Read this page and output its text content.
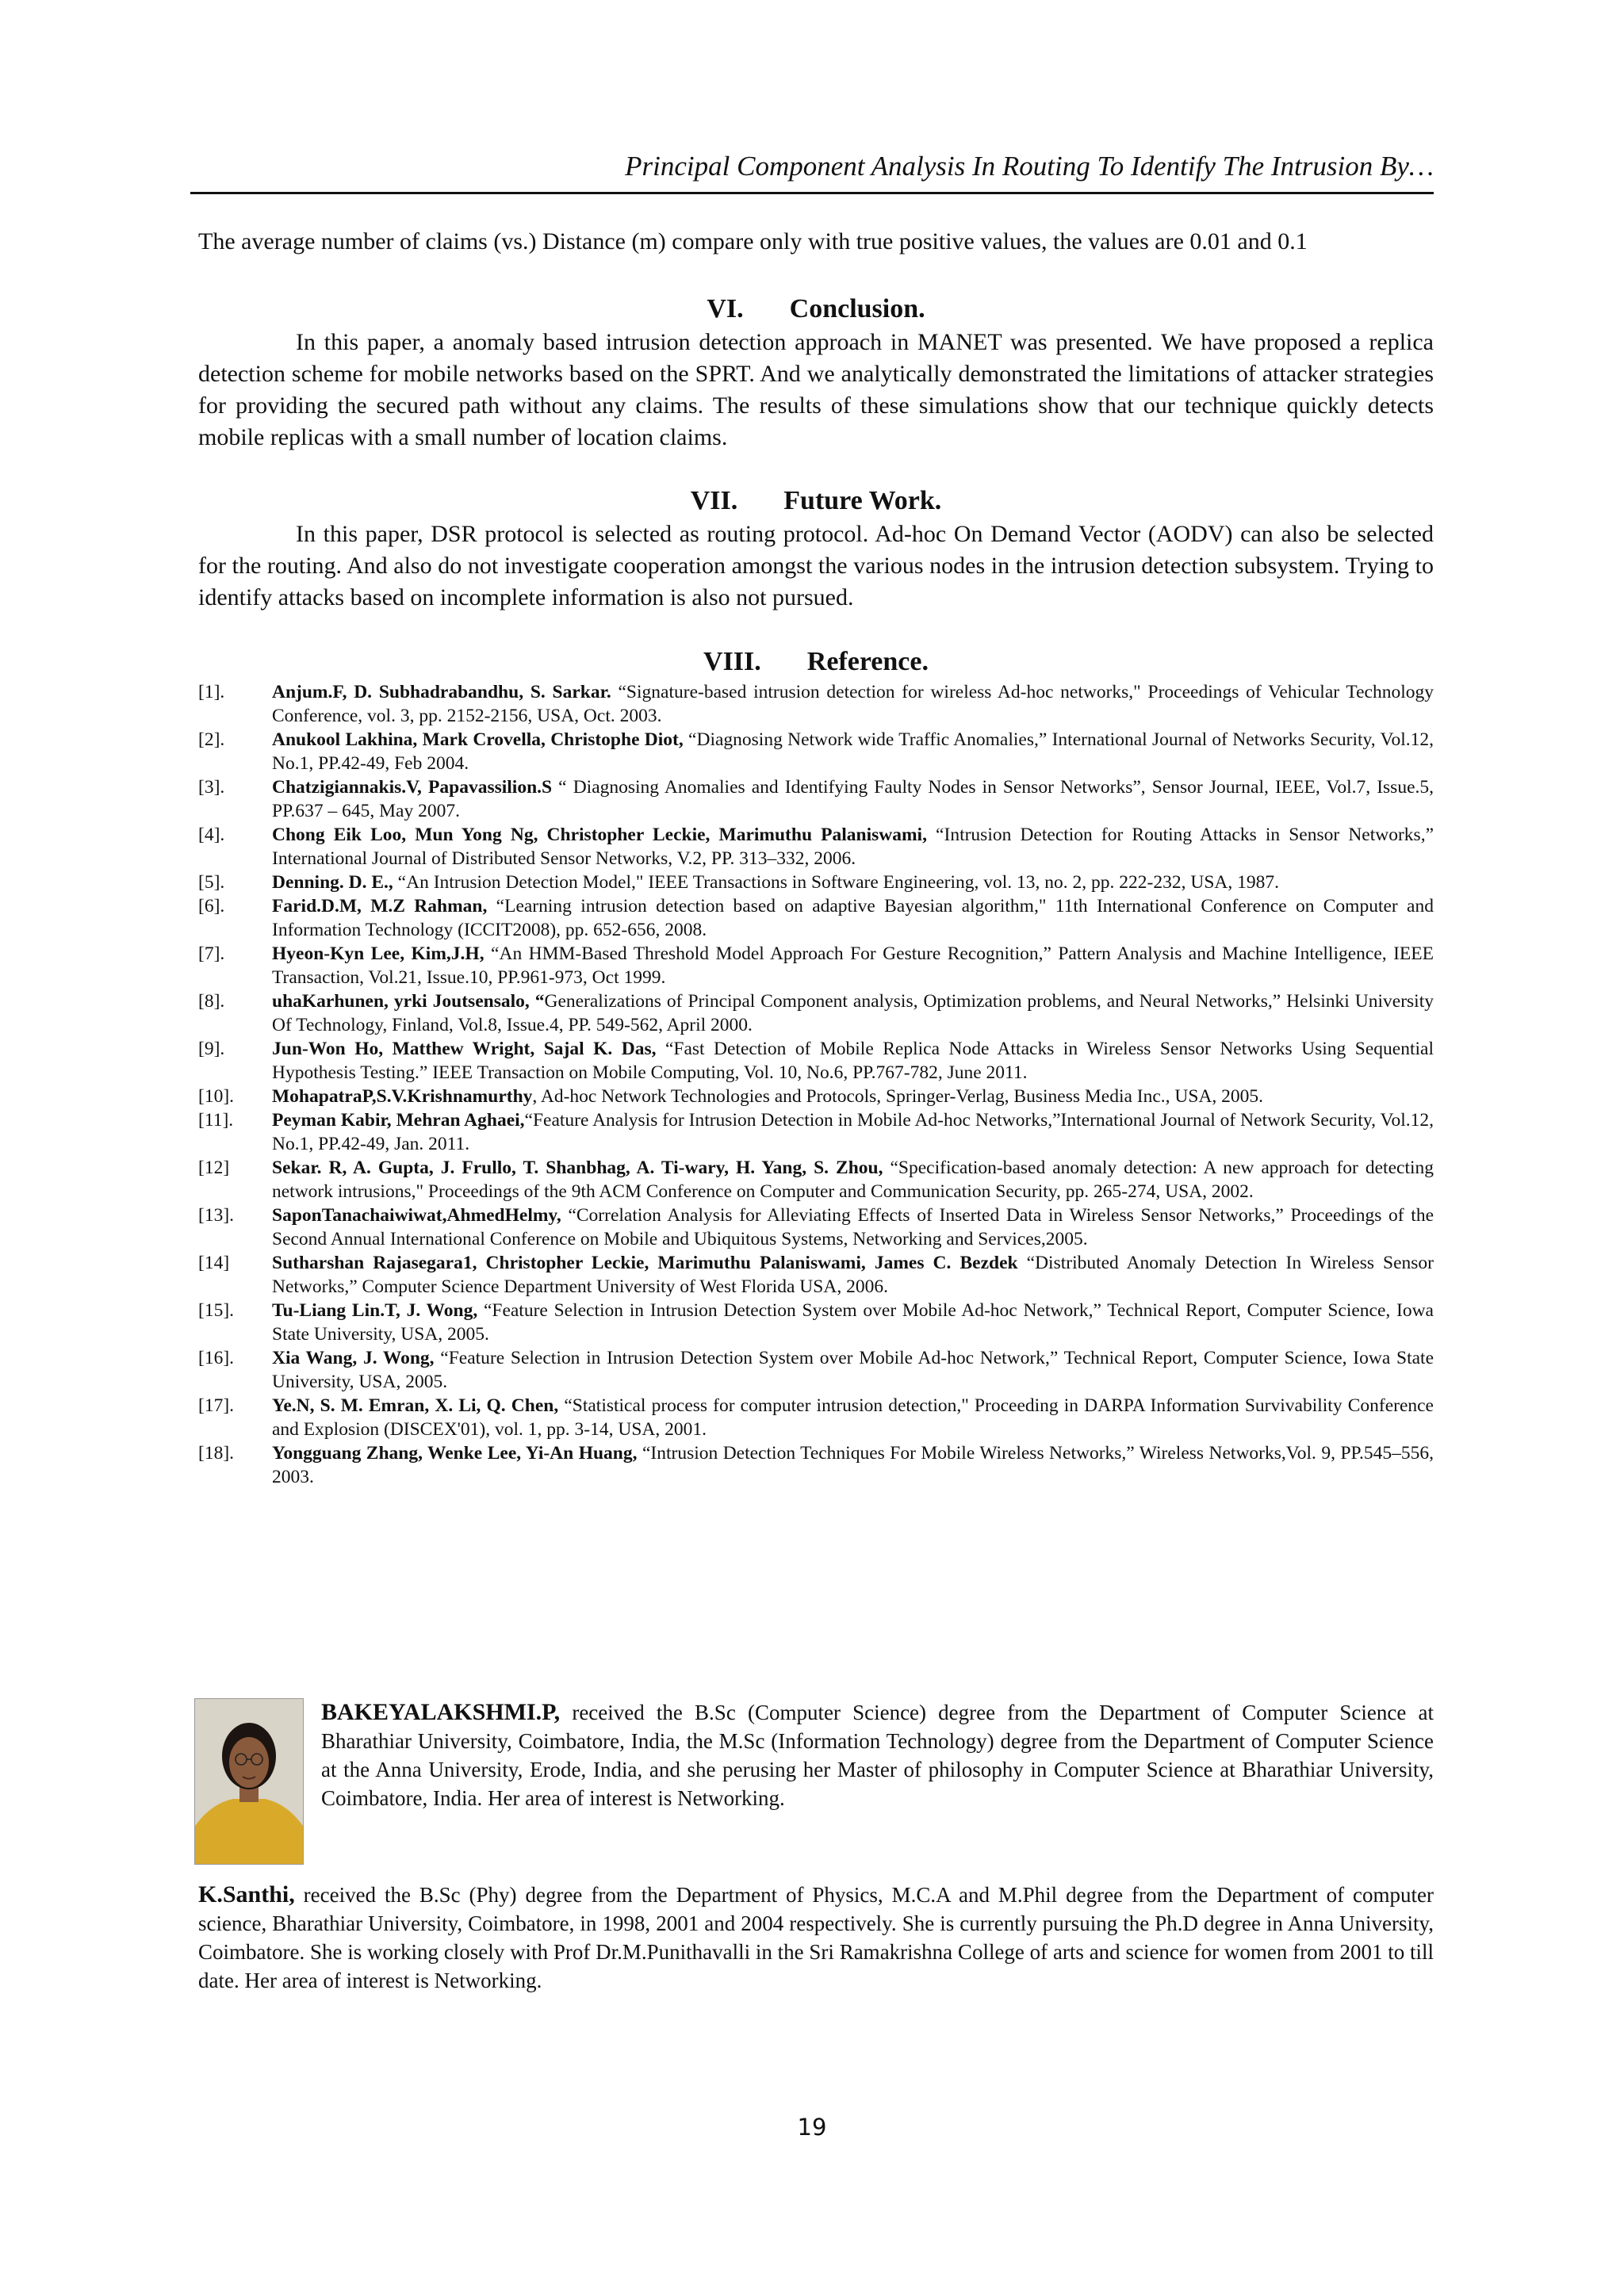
Principal Component Analysis In Routing To Identify The Intrusion By…
The average number of claims (vs.) Distance (m) compare only with true positive values, the values are 0.01 and 0.1
VI. Conclusion.
In this paper, a anomaly based intrusion detection approach in MANET was presented. We have proposed a replica detection scheme for mobile networks based on the SPRT. And we analytically demonstrated the limitations of attacker strategies for providing the secured path without any claims. The results of these simulations show that our technique quickly detects mobile replicas with a small number of location claims.
VII. Future Work.
In this paper, DSR protocol is selected as routing protocol. Ad-hoc On Demand Vector (AODV) can also be selected for the routing. And also do not investigate cooperation amongst the various nodes in the intrusion detection subsystem. Trying to identify attacks based on incomplete information is also not pursued.
VIII. Reference.
[1].	Anjum.F, D. Subhadrabandhu, S. Sarkar. “Signature-based intrusion detection for wireless Ad-hoc networks," Proceedings of Vehicular Technology Conference, vol. 3, pp. 2152-2156, USA, Oct. 2003.
[2].	Anukool Lakhina, Mark Crovella, Christophe Diot, “Diagnosing Network wide Traffic Anomalies,” International Journal of Networks Security, Vol.12, No.1, PP.42-49, Feb 2004.
[3].	Chatzigiannakis.V, Papavassilion.S “ Diagnosing Anomalies and Identifying Faulty Nodes in Sensor Networks”, Sensor Journal, IEEE, Vol.7, Issue.5, PP.637 – 645, May 2007.
[4].	Chong Eik Loo, Mun Yong Ng, Christopher Leckie, Marimuthu Palaniswami, “Intrusion Detection for Routing Attacks in Sensor Networks,” International Journal of Distributed Sensor Networks, V.2, PP. 313–332, 2006.
[5].	Denning. D. E., “An Intrusion Detection Model," IEEE Transactions in Software Engineering, vol. 13, no. 2, pp. 222-232, USA, 1987.
[6].	Farid.D.M, M.Z Rahman, “Learning intrusion detection based on adaptive Bayesian algorithm," 11th International Conference on Computer and Information Technology (ICCIT2008), pp. 652-656, 2008.
[7].	Hyeon-Kyn Lee, Kim,J.H, “An HMM-Based Threshold Model Approach For Gesture Recognition,” Pattern Analysis and Machine Intelligence, IEEE Transaction, Vol.21, Issue.10, PP.961-973, Oct 1999.
[8].	uhaKarhunen, yrki Joutsensalo, “Generalizations of Principal Component analysis, Optimization problems, and Neural Networks,” Helsinki University Of Technology, Finland, Vol.8, Issue.4, PP. 549-562, April 2000.
[9].	Jun-Won Ho, Matthew Wright, Sajal K. Das, “Fast Detection of Mobile Replica Node Attacks in Wireless Sensor Networks Using Sequential Hypothesis Testing.” IEEE Transaction on Mobile Computing, Vol. 10, No.6, PP.767-782, June 2011.
[10].	MohapatraP,S.V.Krishnamurthy, Ad-hoc Network Technologies and Protocols, Springer-Verlag, Business Media Inc., USA, 2005.
[11].	Peyman Kabir, Mehran Aghaei,“Feature Analysis for Intrusion Detection in Mobile Ad-hoc Networks,”International Journal of Network Security, Vol.12, No.1, PP.42-49, Jan. 2011.
[12]	Sekar. R, A. Gupta, J. Frullo, T. Shanbhag, A. Ti-wary, H. Yang, S. Zhou, “Specification-based anomaly detection: A new approach for detecting network intrusions," Proceedings of the 9th ACM Conference on Computer and Communication Security, pp. 265-274, USA, 2002.
[13].	SaponTanachaiwiwat,AhmedHelmy, “Correlation Analysis for Alleviating Effects of Inserted Data in Wireless Sensor Networks,” Proceedings of the Second Annual International Conference on Mobile and Ubiquitous Systems, Networking and Services,2005.
[14]	Sutharshan Rajasegara1, Christopher Leckie, Marimuthu Palaniswami, James C. Bezdek “Distributed Anomaly Detection In Wireless Sensor Networks,” Computer Science Department University of West Florida USA, 2006.
[15].	Tu-Liang Lin.T, J. Wong, “Feature Selection in Intrusion Detection System over Mobile Ad-hoc Network,” Technical Report, Computer Science, Iowa State University, USA, 2005.
[16].	Xia Wang, J. Wong, “Feature Selection in Intrusion Detection System over Mobile Ad-hoc Network,” Technical Report, Computer Science, Iowa State University, USA, 2005.
[17].	Ye.N, S. M. Emran, X. Li, Q. Chen, “Statistical process for computer intrusion detection," Proceeding in DARPA Information Survivability Conference and Explosion (DISCEX'01), vol. 1, pp. 3-14, USA, 2001.
[18].	Yongguang Zhang, Wenke Lee, Yi-An Huang, “Intrusion Detection Techniques For Mobile Wireless Networks,” Wireless Networks,Vol. 9, PP.545–556, 2003.
BAKEYALAKSHMI.P, received the B.Sc (Computer Science) degree from the Department of Computer Science at Bharathiar University, Coimbatore, India, the M.Sc (Information Technology) degree from the Department of Computer Science at the Anna University, Erode, India, and she perusing her Master of philosophy in Computer Science at Bharathiar University, Coimbatore, India. Her area of interest is Networking.
K.Santhi, received the B.Sc (Phy) degree from the Department of Physics, M.C.A and M.Phil degree from the Department of computer science, Bharathiar University, Coimbatore, in 1998, 2001 and 2004 respectively. She is currently pursuing the Ph.D degree in Anna University, Coimbatore. She is working closely with Prof Dr.M.Punithavalli in the Sri Ramakrishna College of arts and science for women from 2001 to till date. Her area of interest is Networking.
19
